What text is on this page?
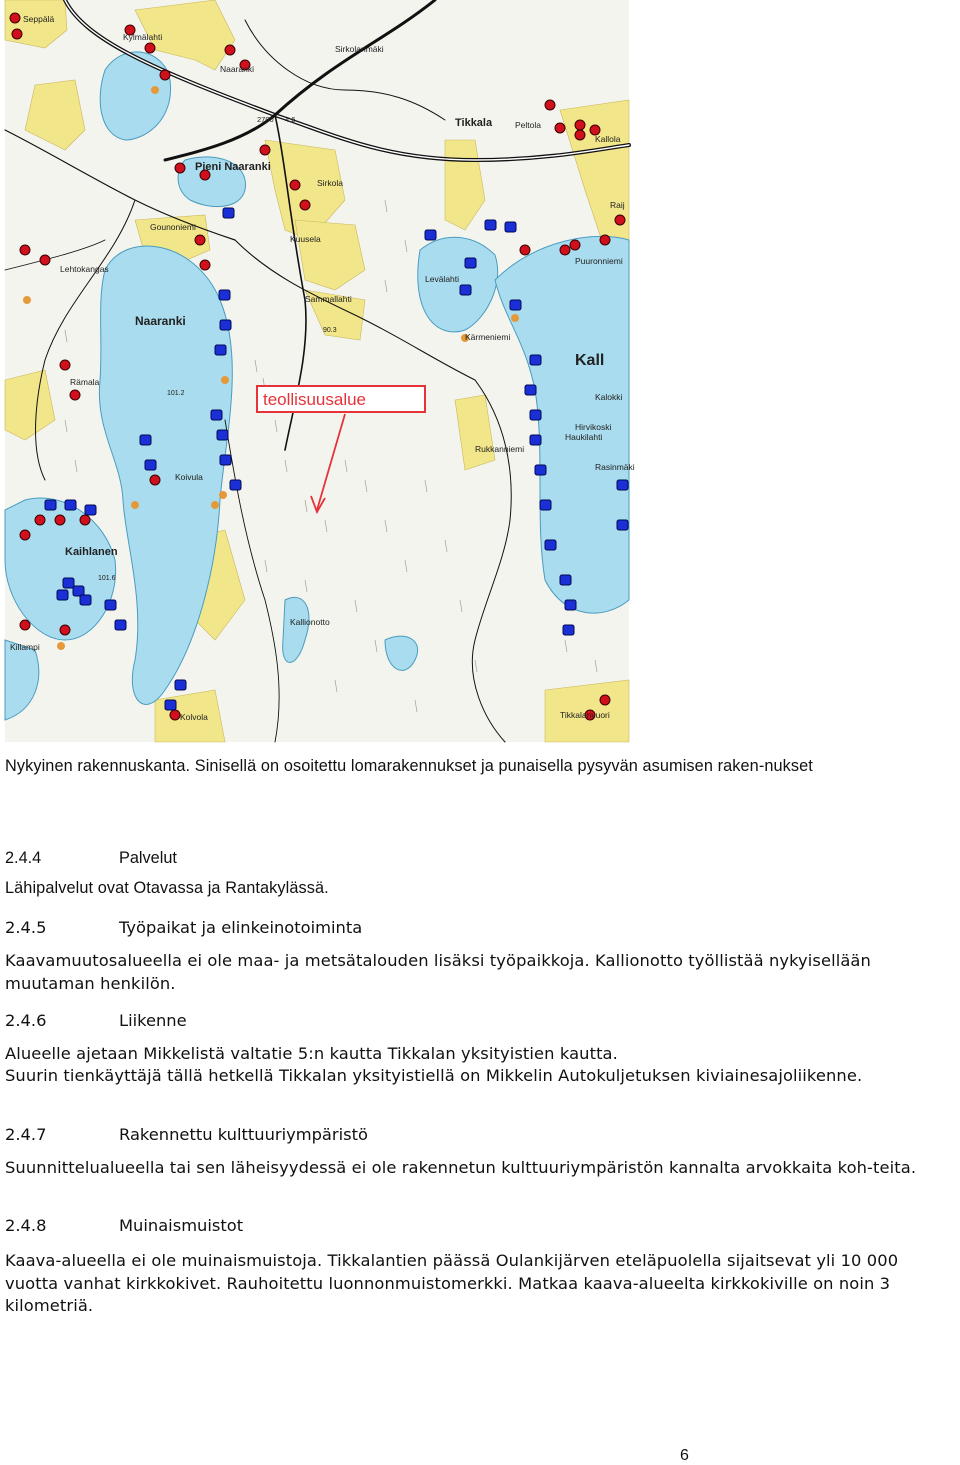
Seppälä
Kylmälahti
Naaranki
Sirkolanmäki
Tikkala	Peltola
Kallola
Pieni Naaranki
Sirkola
Gounoniemi
Kuusela
Lehtokangas
Levälahti
Puuronniemi
Naaranki
Sammallahti
Kärmeniemi
Kall
Rämala
Kalokki
Hirvikoski
Rukkanniemi
Koivula
Kaihlanen
Kallionotto
Tikkalanvuori
Kolvola
Killampi
Haukilahti
Rasinmäki
Raij
2700 4.6
101.2
101.6
90.3
teollisuusalue
Nykyinen rakennuskanta. Sinisellä on osoitettu lomarakennukset ja punaisella pysyvän asumisen raken-nukset
2.4.4	Palvelut
Lähipalvelut ovat Otavassa ja Rantakylässä.
2.4.5	Työpaikat ja elinkeinotoiminta
Kaavamuutosalueella ei ole maa- ja metsätalouden lisäksi työpaikkoja. Kallionotto työllistää nykyisellään muutaman henkilön.
2.4.6	Liikenne
Alueelle ajetaan Mikkelistä valtatie 5:n kautta Tikkalan yksityistien kautta.
Suurin tienkäyttäjä tällä hetkellä Tikkalan yksityistiellä on Mikkelin Autokuljetuksen kiviainesajoliikenne.
2.4.7	Rakennettu kulttuuriympäristö
Suunnittelualueella tai sen läheisyydessä ei ole rakennetun kulttuuriympäristön kannalta arvokkaita koh-teita.
2.4.8	Muinaismuistot
Kaava-alueella ei ole muinaismuistoja. Tikkalantien päässä Oulankijärven eteläpuolella sijaitsevat yli 10 000 vuotta vanhat kirkkokivet. Rauhoitettu luonnonmuistomerkki. Matkaa kaava-alueelta kirkkokiville on noin 3 kilometriä.
6
